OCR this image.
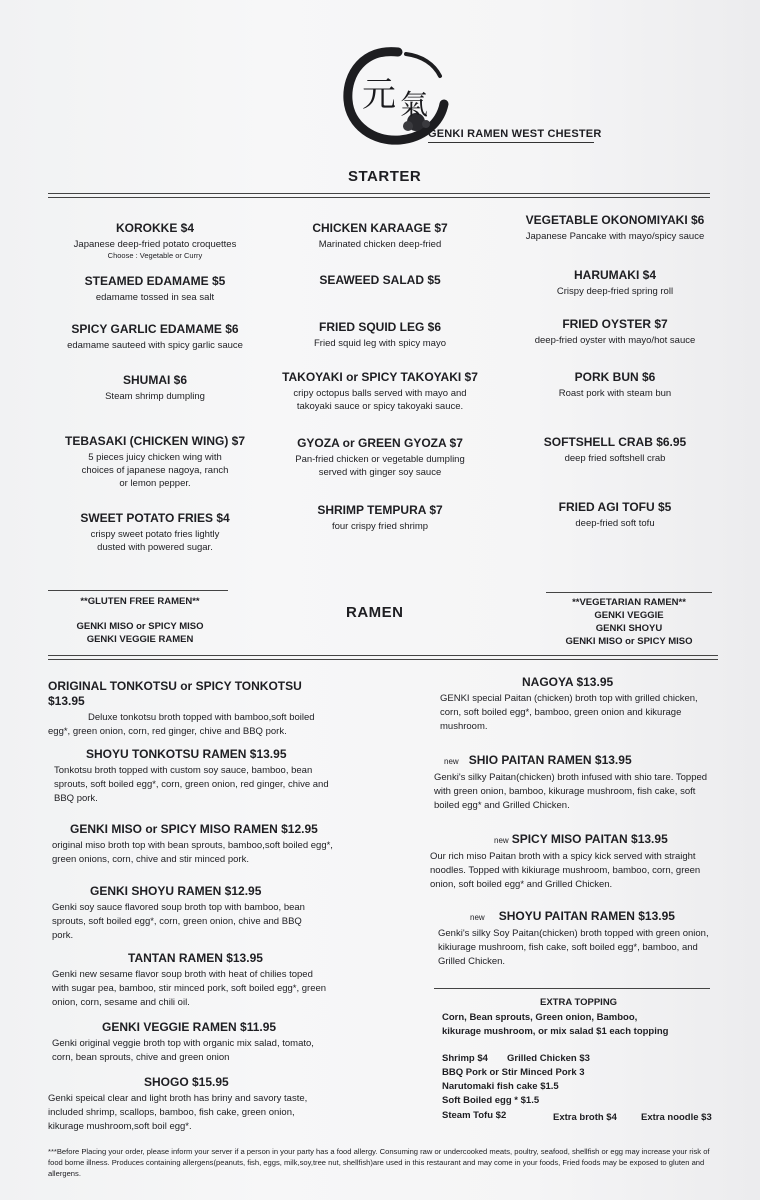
元 氣
GENKI RAMEN WEST CHESTER
STARTER
KOROKKE $4
Japanese deep-fried potato croquettes
Choose : Vegetable or Curry
STEAMED EDAMAME $5
edamame tossed in sea salt
SPICY GARLIC EDAMAME $6
edamame sauteed with spicy garlic sauce
SHUMAI $6
Steam shrimp dumpling
TEBASAKI (CHICKEN WING) $7
5 pieces juicy chicken wing with choices of japanese nagoya, ranch or lemon pepper.
SWEET POTATO FRIES $4
crispy sweet potato fries lightly dusted with powered sugar.
CHICKEN KARAAGE $7
Marinated chicken deep-fried
SEAWEED SALAD $5
FRIED SQUID LEG $6
Fried squid leg with spicy mayo
TAKOYAKI or SPICY TAKOYAKI $7
cripy octopus balls served with mayo and takoyaki sauce or spicy takoyaki sauce.
GYOZA or GREEN GYOZA $7
Pan-fried chicken or vegetable dumpling served with ginger soy sauce
SHRIMP TEMPURA $7
four crispy fried shrimp
VEGETABLE OKONOMIYAKI $6
Japanese Pancake with mayo/spicy sauce
HARUMAKI $4
Crispy deep-fried spring roll
FRIED OYSTER $7
deep-fried oyster with mayo/hot sauce
PORK BUN $6
Roast pork with steam bun
SOFTSHELL CRAB $6.95
deep fried softshell crab
FRIED AGI TOFU $5
deep-fried soft tofu
**GLUTEN FREE RAMEN**
GENKI MISO or SPICY MISO
GENKI VEGGIE RAMEN
RAMEN
**VEGETARIAN RAMEN**
GENKI VEGGIE
GENKI SHOYU
GENKI MISO or SPICY MISO
ORIGINAL TONKOTSU or SPICY TONKOTSU $13.95
Deluxe tonkotsu broth topped with bamboo,soft boiled egg*, green onion, corn, red ginger, chive and BBQ pork.
SHOYU TONKOTSU RAMEN $13.95
Tonkotsu broth topped with custom soy sauce, bamboo, bean sprouts, soft boiled egg*, corn, green onion, red ginger, chive and BBQ pork.
GENKI MISO or SPICY MISO RAMEN $12.95
original miso broth top with bean sprouts, bamboo,soft boiled egg*, green onions, corn, chive and stir minced pork.
GENKI SHOYU RAMEN $12.95
Genki soy sauce flavored soup broth top with bamboo, bean sprouts, soft boiled egg*, corn, green onion, chive and BBQ pork.
TANTAN RAMEN $13.95
Genki new sesame flavor soup broth with heat of chilies toped with sugar pea, bamboo, stir minced pork, soft boiled egg*, green onion, corn, sesame and chili oil.
GENKI VEGGIE RAMEN $11.95
Genki original veggie broth top with organic mix salad, tomato, corn, bean sprouts, chive and green onion
SHOGO $15.95
Genki speical clear and light broth has briny and savory taste, included shrimp, scallops, bamboo, fish cake, green onion, kikurage mushroom,soft boil egg*.
NAGOYA $13.95
GENKI special Paitan (chicken) broth top with grilled chicken, corn, soft boiled egg*, bamboo, green onion and kikurage mushroom.
new SHIO PAITAN RAMEN $13.95
Genki's silky Paitan(chicken) broth infused with shio tare. Topped with green onion, bamboo, kikurage mushroom, fish cake, soft boiled egg* and Grilled Chicken.
new SPICY MISO PAITAN $13.95
Our rich miso Paitan broth with a spicy kick served with straight noodles. Topped with kikiurage mushroom, bamboo, corn, green onion, soft boiled egg* and Grilled Chicken.
new SHOYU PAITAN RAMEN $13.95
Genki's silky Soy Paitan(chicken) broth topped with green onion, kikiurage mushroom, fish cake, soft boiled egg*, bamboo, and Grilled Chicken.
EXTRA TOPPING
Corn, Bean sprouts, Green onion, Bamboo,
kikurage mushroom, or mix salad $1 each topping
Shrimp $4 Grilled Chicken $3
BBQ Pork or Stir Minced Pork 3
Narutomaki fish cake $1.5
Soft Boiled egg * $1.5
Steam Tofu $2	Extra broth $4	Extra noodle $3
***Before Placing your order, please inform your server if a person in your party has a food allergy. Consuming raw or undercooked meats, poultry, seafood, shellfish or egg may increase your risk of food borne illness. Produces containing allergens(peanuts, fish, eggs, milk,soy,tree nut, shellfish)are used in this restaurant and may come in your foods, Fried foods may be exposed to gluten and allergens.
